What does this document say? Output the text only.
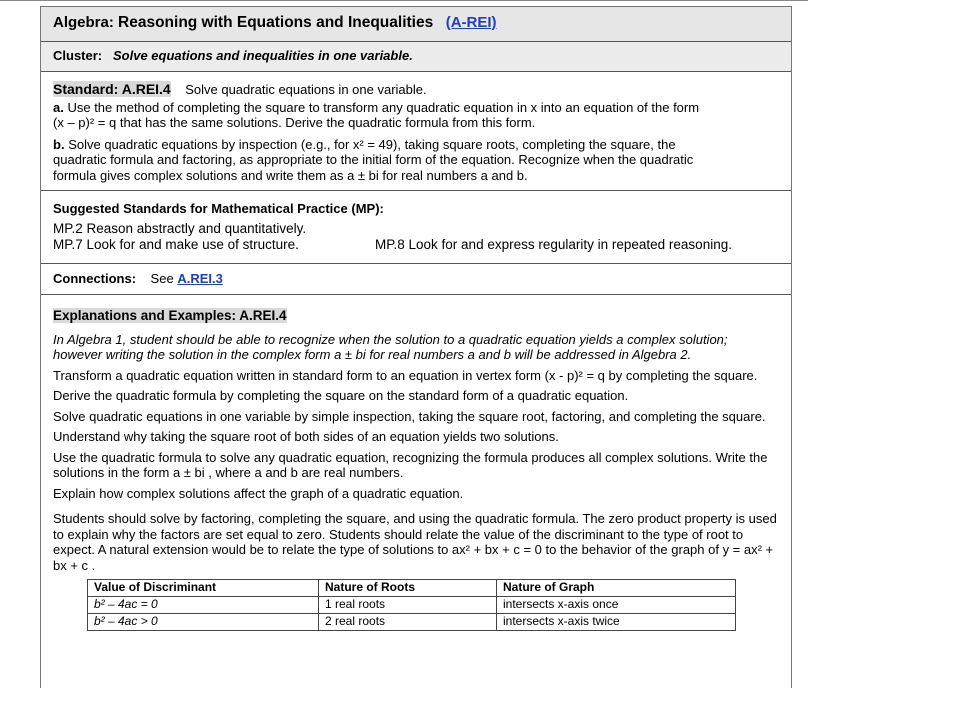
Algebra: Reasoning with Equations and Inequalities (A-REI)
Cluster: Solve equations and inequalities in one variable.
Standard: A.REI.4 Solve quadratic equations in one variable.
a. Use the method of completing the square to transform any quadratic equation in x into an equation of the form
(x – p)² = q that has the same solutions. Derive the quadratic formula from this form.
b. Solve quadratic equations by inspection (e.g., for x² = 49), taking square roots, completing the square, the
quadratic formula and factoring, as appropriate to the initial form of the equation. Recognize when the quadratic
formula gives complex solutions and write them as a ± bi for real numbers a and b.
Suggested Standards for Mathematical Practice (MP):
MP.2 Reason abstractly and quantitatively.
MP.7 Look for and make use of structure.	MP.8 Look for and express regularity in repeated reasoning.
Connections: See A.REI.3
Explanations and Examples: A.REI.4

In Algebra 1, student should be able to recognize when the solution to a quadratic equation yields a complex solution; however writing the solution in the complex form a ± bi for real numbers a and b will be addressed in Algebra 2.

Transform a quadratic equation written in standard form to an equation in vertex form (x - p)² = q by completing the square.

Derive the quadratic formula by completing the square on the standard form of a quadratic equation.

Solve quadratic equations in one variable by simple inspection, taking the square root, factoring, and completing the square.

Understand why taking the square root of both sides of an equation yields two solutions.

Use the quadratic formula to solve any quadratic equation, recognizing the formula produces all complex solutions. Write the solutions in the form a ± bi , where a and b are real numbers.

Explain how complex solutions affect the graph of a quadratic equation.

Students should solve by factoring, completing the square, and using the quadratic formula. The zero product property is used to explain why the factors are set equal to zero. Students should relate the value of the discriminant to the type of root to expect. A natural extension would be to relate the type of solutions to ax² + bx + c = 0 to the behavior of the graph of y = ax² + bx + c .

Value of Discriminant	Nature of Roots	Nature of Graph
b² – 4ac = 0	1 real roots	intersects x-axis once
b² – 4ac > 0	2 real roots	intersects x-axis twice
